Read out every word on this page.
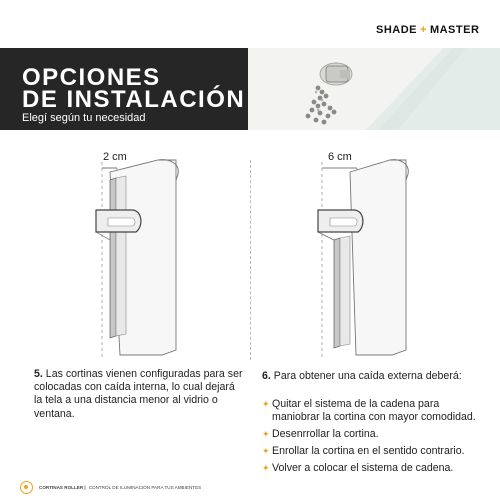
SHADE + MASTER
OPCIONES
DE INSTALACIÓN
Elegí según tu necesidad
2 cm	6 cm
5. Las cortinas vienen configuradas para ser colocadas con caída interna, lo cual dejará la tela a una distancia menor al vidrio o ventana.
6. Para obtener una caída externa deberá:
✦ Quitar el sistema de la cadena para maniobrar la cortina con mayor comodidad.
✦ Desenrrollar la cortina.
✦ Enrollar la cortina en el sentido contrario.
✦ Volver a colocar el sistema de cadena.
CORTINAS ROLLER | CONTROL DE ILUMINACIÓN PARA TUS AMBIENTES
